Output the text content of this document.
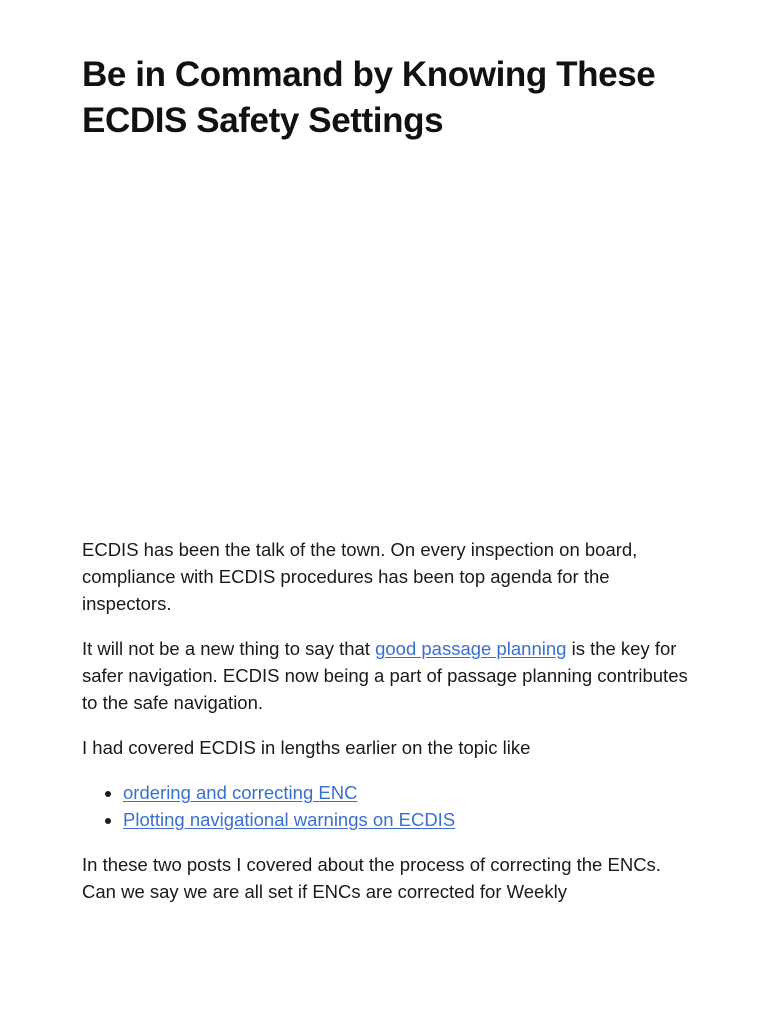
Be in Command by Knowing These ECDIS Safety Settings

ECDIS has been the talk of the town. On every inspection on board, compliance with ECDIS procedures has been top agenda for the inspectors.

It will not be a new thing to say that good passage planning is the key for safer navigation. ECDIS now being a part of passage planning contributes to the safe navigation.

I had covered ECDIS in lengths earlier on the topic like

• ordering and correcting ENC
• Plotting navigational warnings on ECDIS

In these two posts I covered about the process of correcting the ENCs. Can we say we are all set if ENCs are corrected for Weekly
